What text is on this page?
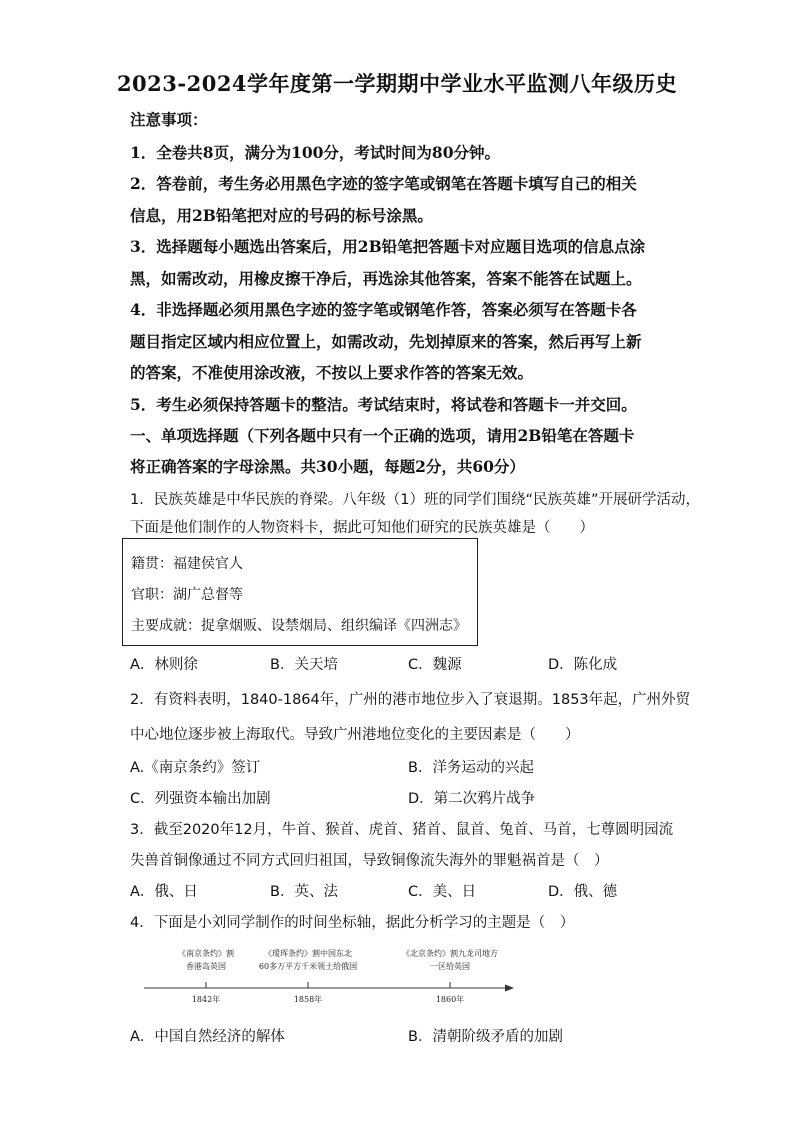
2023-2024学年度第一学期期中学业水平监测八年级历史
注意事项：
1．全卷共8页，满分为100分，考试时间为80分钟。
2．答卷前，考生务必用黑色字迹的签字笔或钢笔在答题卡填写自己的相关
信息，用2B铅笔把对应的号码的标号涂黑。
3．选择题每小题选出答案后，用2B铅笔把答题卡对应题目选项的信息点涂
黑，如需改动，用橡皮擦干净后，再选涂其他答案，答案不能答在试题上。
4．非选择题必须用黑色字迹的签字笔或钢笔作答，答案必须写在答题卡各
题目指定区域内相应位置上，如需改动，先划掉原来的答案，然后再写上新
的答案，不准使用涂改液，不按以上要求作答的答案无效。
5．考生必须保持答题卡的整洁。考试结束时，将试卷和答题卡一并交回。
一、单项选择题（下列各题中只有一个正确的选项，请用2B铅笔在答题卡
将正确答案的字母涂黑。共30小题，每题2分，共60分）
1．民族英雄是中华民族的脊梁。八年级（1）班的同学们围绕“民族英雄”开展研学活动，
下面是他们制作的人物资料卡，据此可知他们研究的民族英雄是（　　）
籍贯：福建侯官人
官职：湖广总督等
主要成就：捉拿烟贩、设禁烟局、组织编译《四洲志》
A．林则徐	B．关天培	C．魏源	D．陈化成
2．有资料表明，1840-1864年，广州的港市地位步入了衰退期。1853年起，广州外贸
中心地位逐步被上海取代。导致广州港地位变化的主要因素是（　　）
A.《南京条约》签订	B．洋务运动的兴起
C．列强资本输出加剧	D．第二次鸦片战争
3．截至2020年12月，牛首、猴首、虎首、猪首、鼠首、兔首、马首，七尊圆明园流
失兽首铜像通过不同方式回归祖国，导致铜像流失海外的罪魁祸首是（　）
A．俄、日	B．英、法	C．美、日	D．俄、德
4．下面是小刘同学制作的时间坐标轴，据此分析学习的主题是（　）
《南京条约》割
香港岛英国
1842年
《瑷珲条约》割中国东北
60多万平方千米领土给俄国
1858年
《北京条约》割九龙司地方
一区给英国
1860年
A．中国自然经济的解体	B．清朝阶级矛盾的加剧
